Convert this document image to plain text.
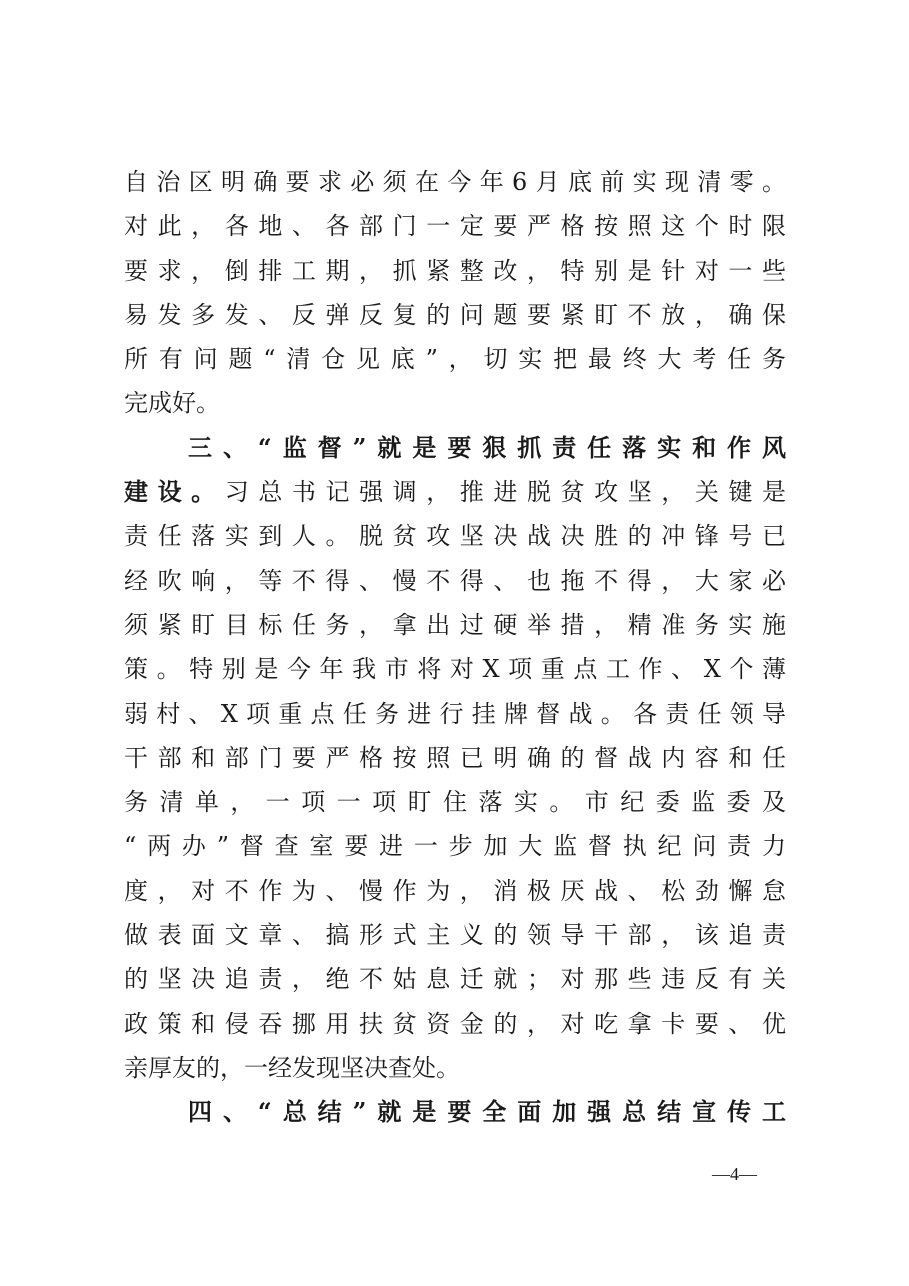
自治区明确要求必须在今年6月底前实现清零。
对此，各地、各部门一定要严格按照这个时限
要求，倒排工期，抓紧整改，特别是针对一些
易发多发、反弹反复的问题要紧盯不放，确保
所有问题“清仓见底”，切实把最终大考任务
完成好。
三、“监督”就是要狠抓责任落实和作风
建设。习总书记强调，推进脱贫攻坚，关键是
责任落实到人。脱贫攻坚决战决胜的冲锋号已
经吹响，等不得、慢不得、也拖不得，大家必
须紧盯目标任务，拿出过硬举措，精准务实施
策。特别是今年我市将对X项重点工作、X个薄
弱村、X项重点任务进行挂牌督战。各责任领导
干部和部门要严格按照已明确的督战内容和任
务清单，一项一项盯住落实。市纪委监委及
“两办”督查室要进一步加大监督执纪问责力
度，对不作为、慢作为，消极厌战、松劲懈怠
做表面文章、搞形式主义的领导干部，该追责
的坚决追责，绝不姑息迁就；对那些违反有关
政策和侵吞挪用扶贫资金的，对吃拿卡要、优
亲厚友的，一经发现坚决查处。
四、“总结”就是要全面加强总结宣传工
—4—
